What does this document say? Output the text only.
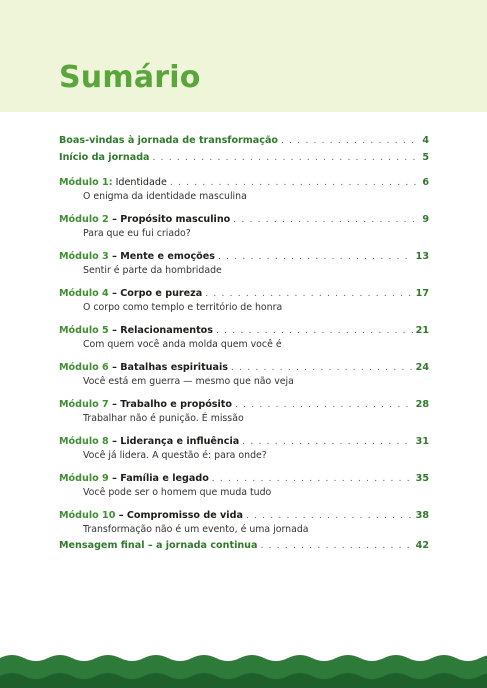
Sumário
Boas-vindas à jornada de transformação . . .	4
Início da jornada . . .	5
Módulo 1: Identidade . . .	6
O enigma da identidade masculina
Módulo 2 – Propósito masculino . . .	9
Para que eu fui criado?
Módulo 3 – Mente e emoções . . .	13
Sentir é parte da hombridade
Módulo 4 – Corpo e pureza . . .	17
O corpo como templo e território de honra
Módulo 5 – Relacionamentos . . .	21
Com quem você anda molda quem você é
Módulo 6 – Batalhas espirituais . . .	24
Você está em guerra — mesmo que não veja
Módulo 7 – Trabalho e propósito . . .	28
Trabalhar não é punição. É missão
Módulo 8 – Liderança e influência . . .	31
Você já lidera. A questão é: para onde?
Módulo 9 – Família e legado . . .	35
Você pode ser o homem que muda tudo
Módulo 10 – Compromisso de vida . . .	38
Transformação não é um evento, é uma jornada
Mensagem final – a jornada continua . . .	42
